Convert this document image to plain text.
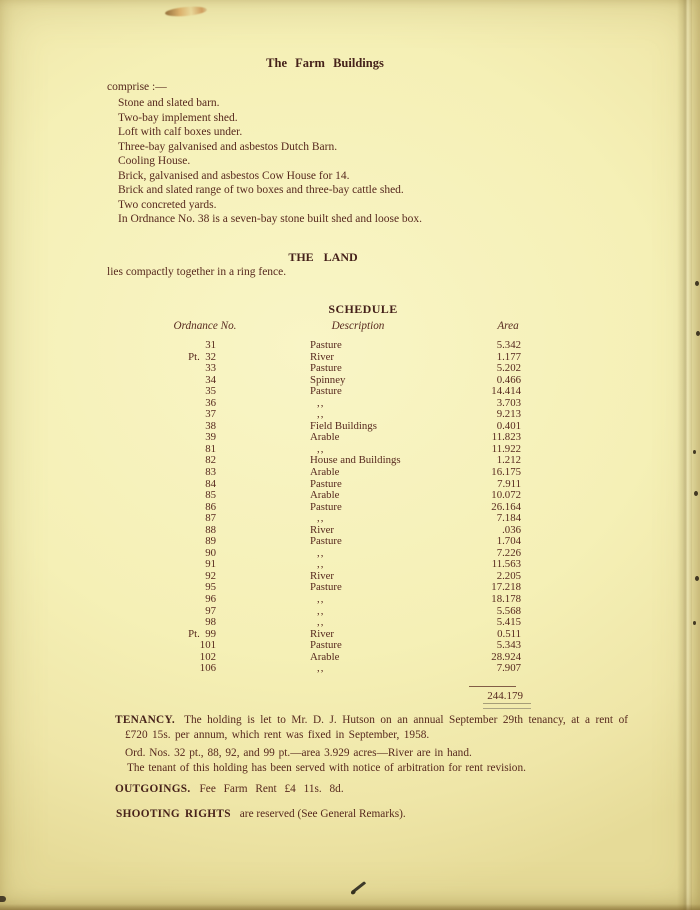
The Farm Buildings
comprise :—
Stone and slated barn.
Two-bay implement shed.
Loft with calf boxes under.
Three-bay galvanised and asbestos Dutch Barn.
Cooling House.
Brick, galvanised and asbestos Cow House for 14.
Brick and slated range of two boxes and three-bay cattle shed.
Two concreted yards.
In Ordnance No. 38 is a seven-bay stone built shed and loose box.
THE LAND
lies compactly together in a ring fence.
SCHEDULE
Ordnance No.	Description	Area
31	Pasture	5.342
Pt. 32	River	1.177
33	Pasture	5.202
34	Spinney	0.466
35	Pasture	14.414
36	,,	3.703
37	,,	9.213
38	Field Buildings	0.401
39	Arable	11.823
81	,,	11.922
82	House and Buildings	1.212
83	Arable	16.175
84	Pasture	7.911
85	Arable	10.072
86	Pasture	26.164
87	,,	7.184
88	River	.036
89	Pasture	1.704
90	,,	7.226
91	,,	11.563
92	River	2.205
95	Pasture	17.218
96	,,	18.178
97	,,	5.568
98	,,	5.415
Pt. 99	River	0.511
101	Pasture	5.343
102	Arable	28.924
106	,,	7.907
244.179
TENANCY. The holding is let to Mr. D. J. Hutson on an annual September 29th tenancy, at a rent of £720 15s. per annum, which rent was fixed in September, 1958.
Ord. Nos. 32 pt., 88, 92, and 99 pt.—area 3.929 acres—River are in hand.
The tenant of this holding has been served with notice of arbitration for rent revision.
OUTGOINGS. Fee Farm Rent £4 11s. 8d.
SHOOTING RIGHTS are reserved (See General Remarks).
